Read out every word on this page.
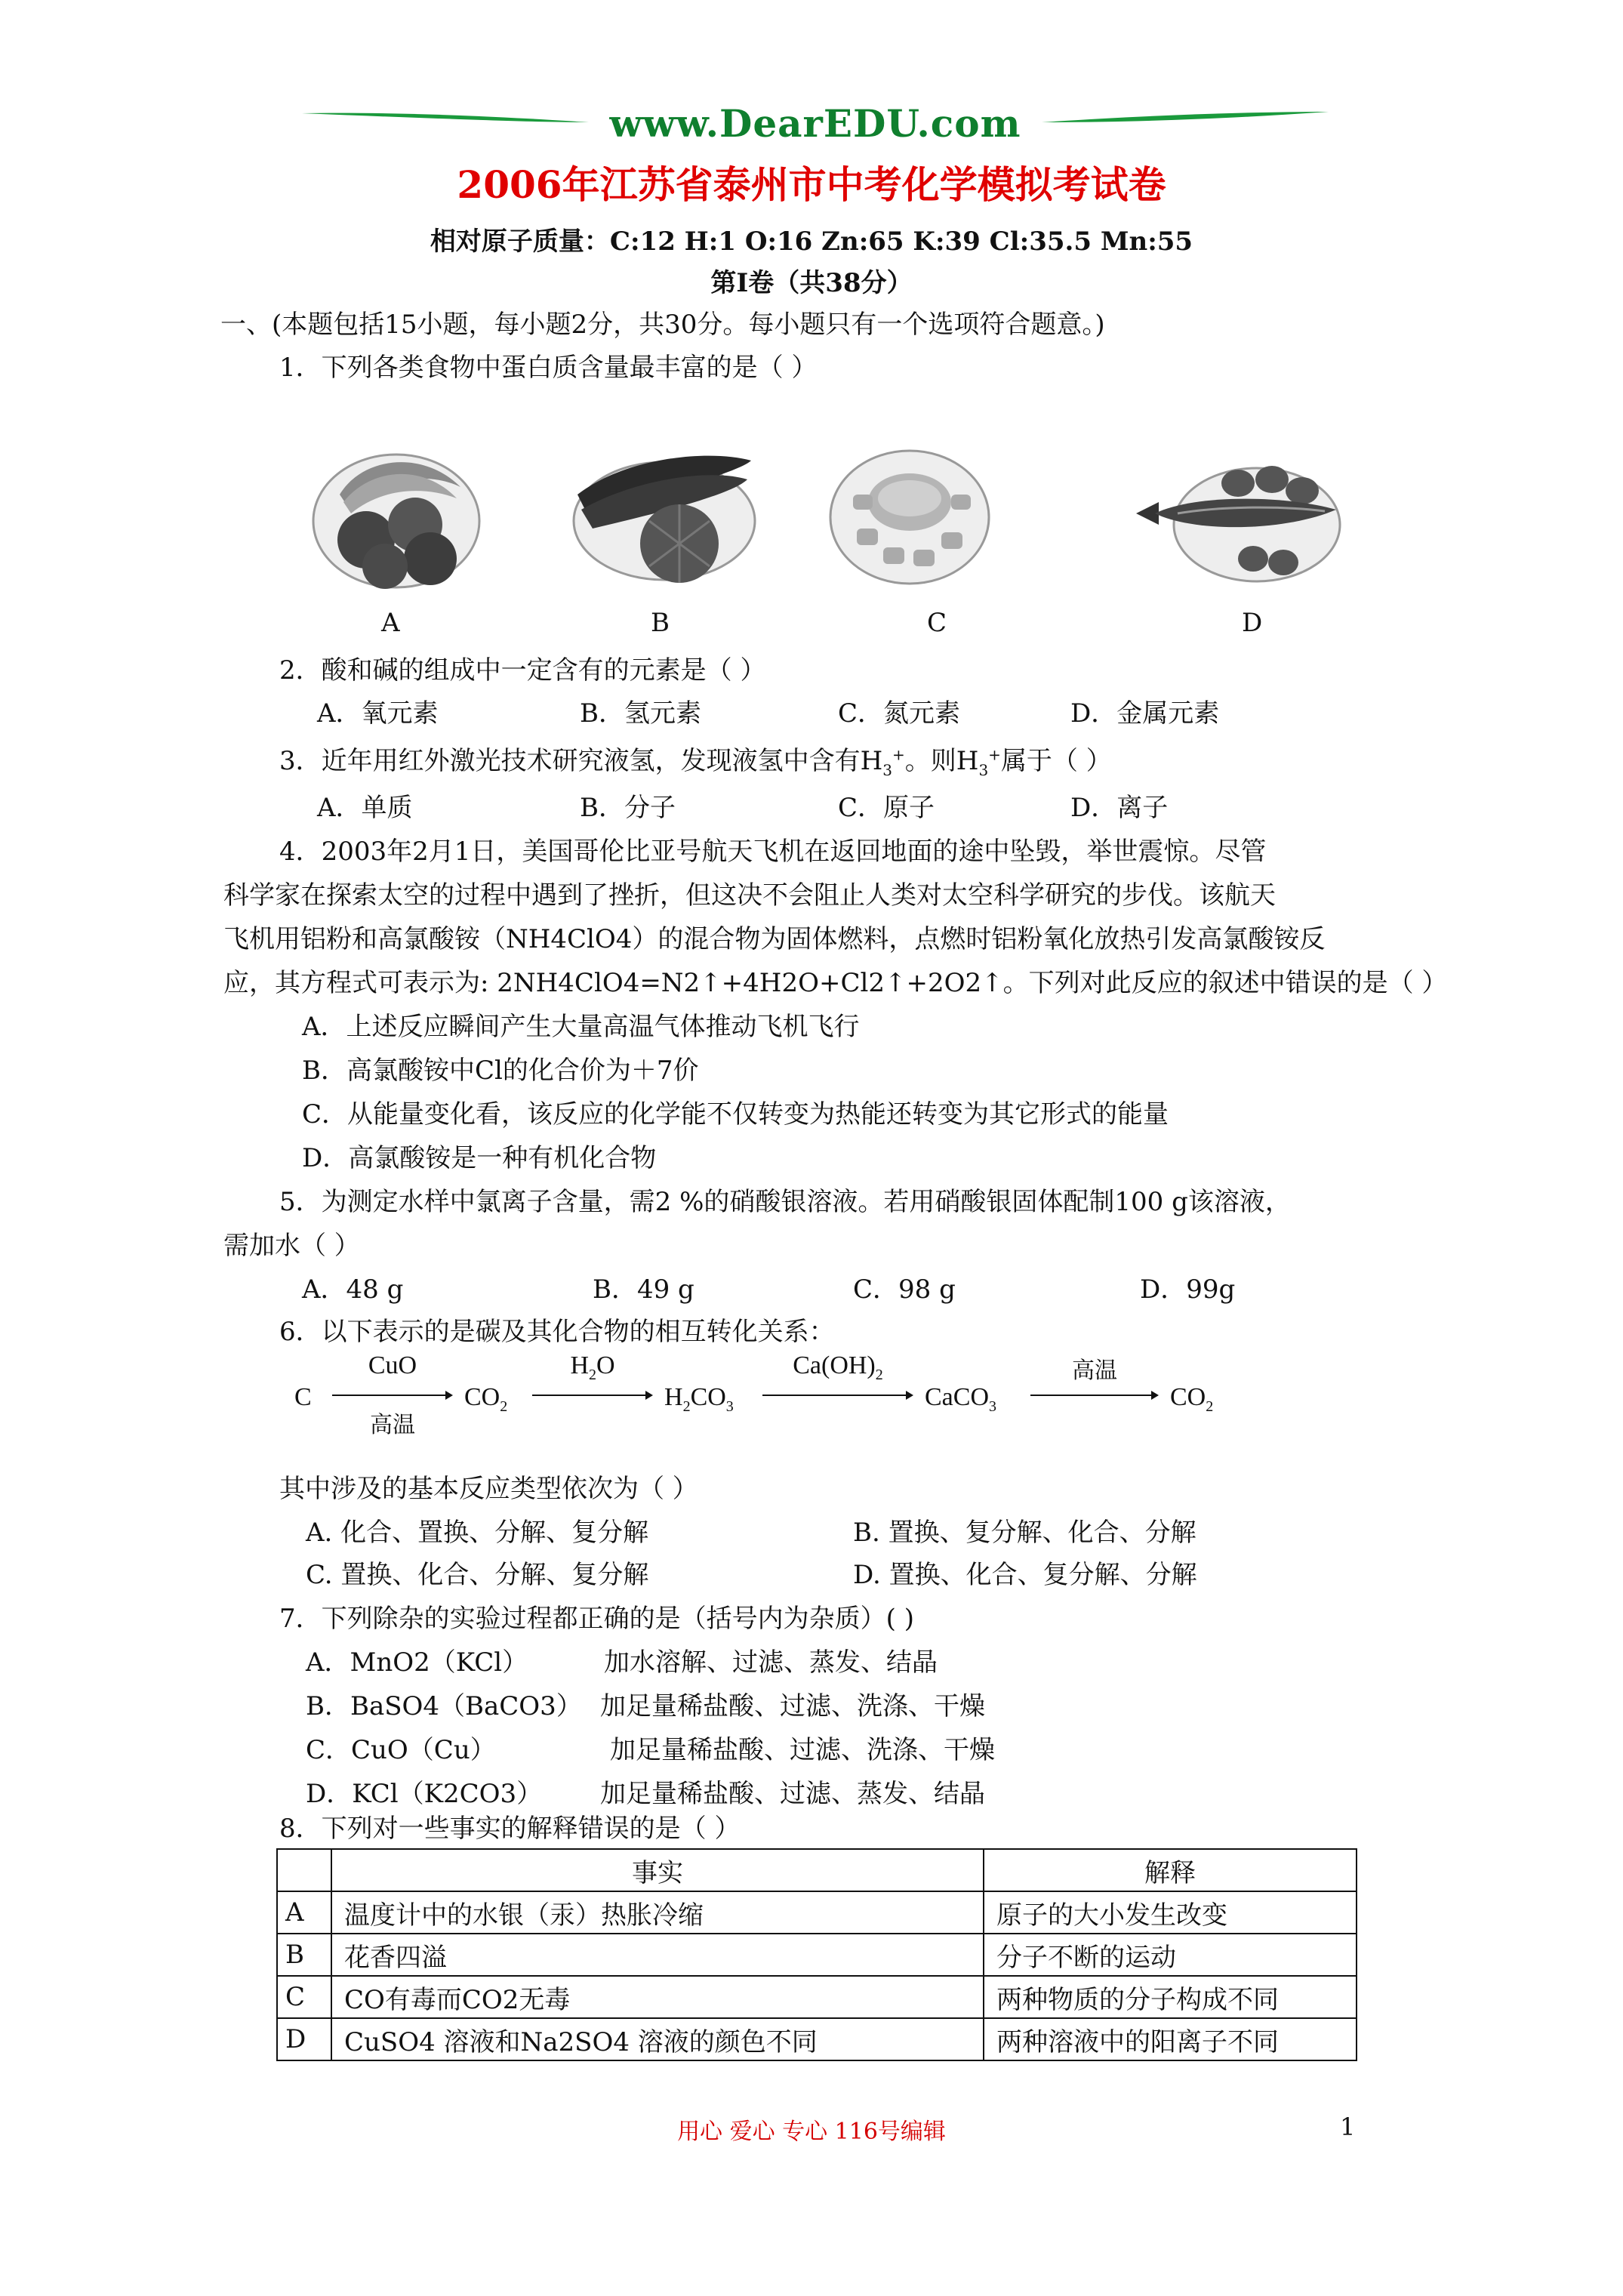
www.DearEDU.com
2006年江苏省泰州市中考化学模拟考试卷
相对原子质量：C:12 H:1 O:16 Zn:65 K:39 Cl:35.5 Mn:55
第Ⅰ卷（共38分）
一、(本题包括15小题，每小题2分，共30分。每小题只有一个选项符合题意。)
1．下列各类食物中蛋白质含量最丰富的是（ ）
A	B	C	D
2．酸和碱的组成中一定含有的元素是（ ）
A．氧元素	B．氢元素	C．氮元素	D．金属元素
3．近年用红外激光技术研究液氢，发现液氢中含有$H_3^+$。则$H_3^+$属于（ ）
A．单质	B．分子	C．原子	D．离子
4．2003年2月1日，美国哥伦比亚号航天飞机在返回地面的途中坠毁，举世震惊。尽管
科学家在探索太空的过程中遇到了挫折，但这决不会阻止人类对太空科学研究的步伐。该航天
飞机用铝粉和高氯酸铵（NH4ClO4）的混合物为固体燃料，点燃时铝粉氧化放热引发高氯酸铵反
应，其方程式可表示为: 2NH4ClO4=N2↑+4H2O+Cl2↑+2O2↑。下列对此反应的叙述中错误的是（ ）
A．上述反应瞬间产生大量高温气体推动飞机飞行
B．高氯酸铵中Cl的化合价为＋7价
C．从能量变化看，该反应的化学能不仅转变为热能还转变为其它形式的能量
D．高氯酸铵是一种有机化合物
5．为测定水样中氯离子含量，需2 %的硝酸银溶液。若用硝酸银固体配制100 g该溶液，
需加水（ ）
A．48 g	B．49 g	C．98 g	D．99g
6．以下表示的是碳及其化合物的相互转化关系：
C
CuO
高温
$CO_2$
$H_2O$
$H_2CO_3$
$Ca(OH)_2$
CaCO$_3$
高温
$CO_2$
其中涉及的基本反应类型依次为（ ）
A. 化合、置换、分解、复分解	B. 置换、复分解、化合、分解
C. 置换、化合、分解、复分解	D. 置换、化合、复分解、分解
7．下列除杂的实验过程都正确的是（括号内为杂质）( )
A．MnO2（KCl）	加水溶解、过滤、蒸发、结晶
B．BaSO4（BaCO3） 加足量稀盐酸、过滤、洗涤、干燥
C．CuO（Cu）	加足量稀盐酸、过滤、洗涤、干燥
D．KCl（K2CO3） 加足量稀盐酸、过滤、蒸发、结晶
8．下列对一些事实的解释错误的是（ ）
	事实	解释
A	温度计中的水银（汞）热胀冷缩	原子的大小发生改变
B	花香四溢	分子不断的运动
C	CO有毒而CO2无毒	两种物质的分子构成不同
D	CuSO4 溶液和Na2SO4 溶液的颜色不同	两种溶液中的阳离子不同
用心 爱心 专心 116号编辑	1
